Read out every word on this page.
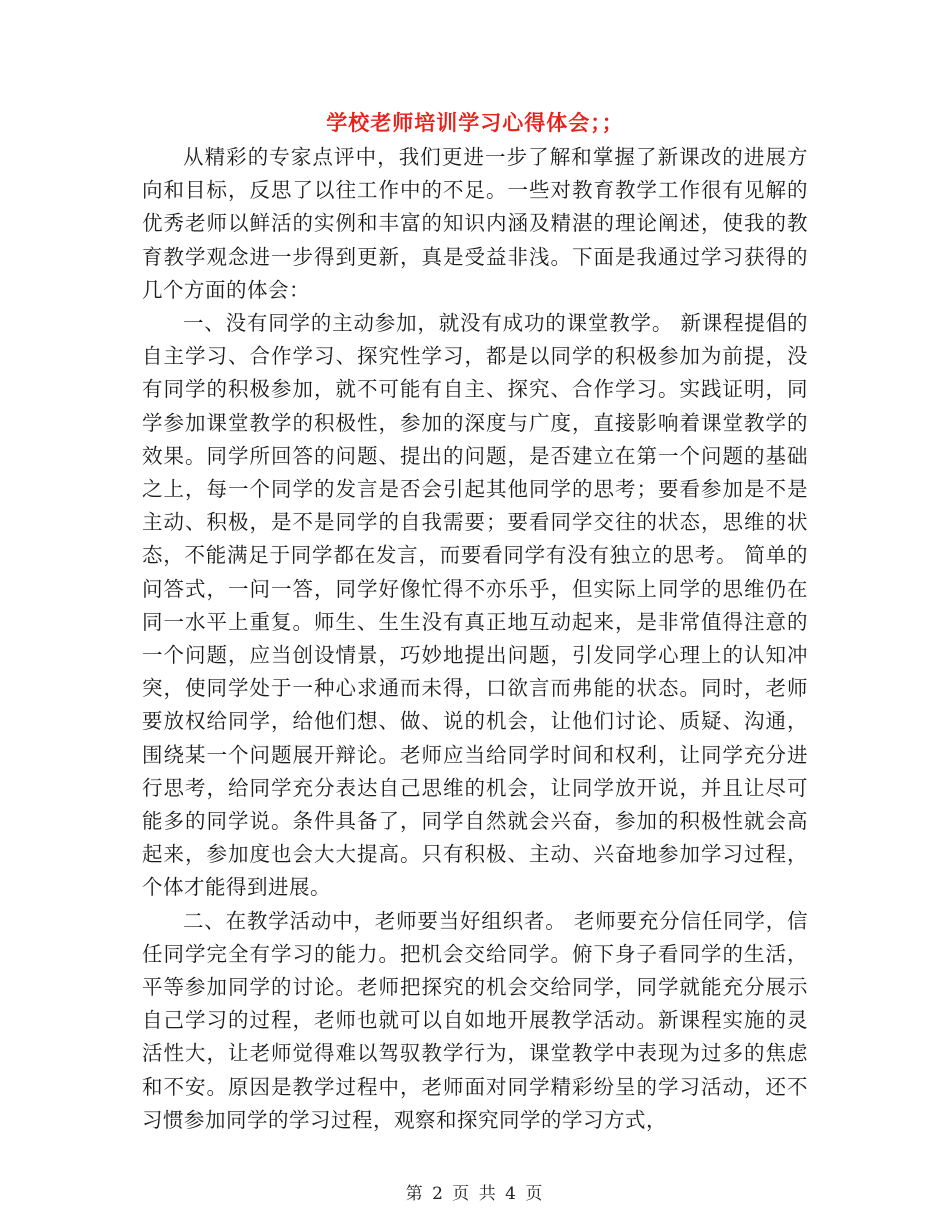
学校老师培训学习心得体会；；

从精彩的专家点评中，我们更进一步了解和掌握了新课改的进展方向和目标，反思了以往工作中的不足。一些对教育教学工作很有见解的优秀老师以鲜活的实例和丰富的知识内涵及精湛的理论阐述，使我的教育教学观念进一步得到更新，真是受益非浅。下面是我通过学习获得的几个方面的体会：

一、没有同学的主动参加，就没有成功的课堂教学。 新课程提倡的自主学习、合作学习、探究性学习，都是以同学的积极参加为前提，没有同学的积极参加，就不可能有自主、探究、合作学习。实践证明，同学参加课堂教学的积极性，参加的深度与广度，直接影响着课堂教学的效果。同学所回答的问题、提出的问题，是否建立在第一个问题的基础之上，每一个同学的发言是否会引起其他同学的思考；要看参加是不是主动、积极，是不是同学的自我需要；要看同学交往的状态，思维的状态，不能满足于同学都在发言，而要看同学有没有独立的思考。 简单的问答式，一问一答，同学好像忙得不亦乐乎，但实际上同学的思维仍在同一水平上重复。师生、生生没有真正地互动起来，是非常值得注意的一个问题，应当创设情景，巧妙地提出问题，引发同学心理上的认知冲突，使同学处于一种心求通而未得，口欲言而弗能的状态。同时，老师要放权给同学，给他们想、做、说的机会，让他们讨论、质疑、沟通，围绕某一个问题展开辩论。老师应当给同学时间和权利，让同学充分进行思考，给同学充分表达自己思维的机会，让同学放开说，并且让尽可能多的同学说。条件具备了，同学自然就会兴奋，参加的积极性就会高起来，参加度也会大大提高。只有积极、主动、兴奋地参加学习过程，个体才能得到进展。

二、在教学活动中，老师要当好组织者。 老师要充分信任同学，信任同学完全有学习的能力。把机会交给同学。俯下身子看同学的生活，平等参加同学的讨论。老师把探究的机会交给同学，同学就能充分展示自己学习的过程，老师也就可以自如地开展教学活动。新课程实施的灵活性大，让老师觉得难以驾驭教学行为，课堂教学中表现为过多的焦虑和不安。原因是教学过程中，老师面对同学精彩纷呈的学习活动，还不习惯参加同学的学习过程，观察和探究同学的学习方式，

第 2 页 共 4 页
